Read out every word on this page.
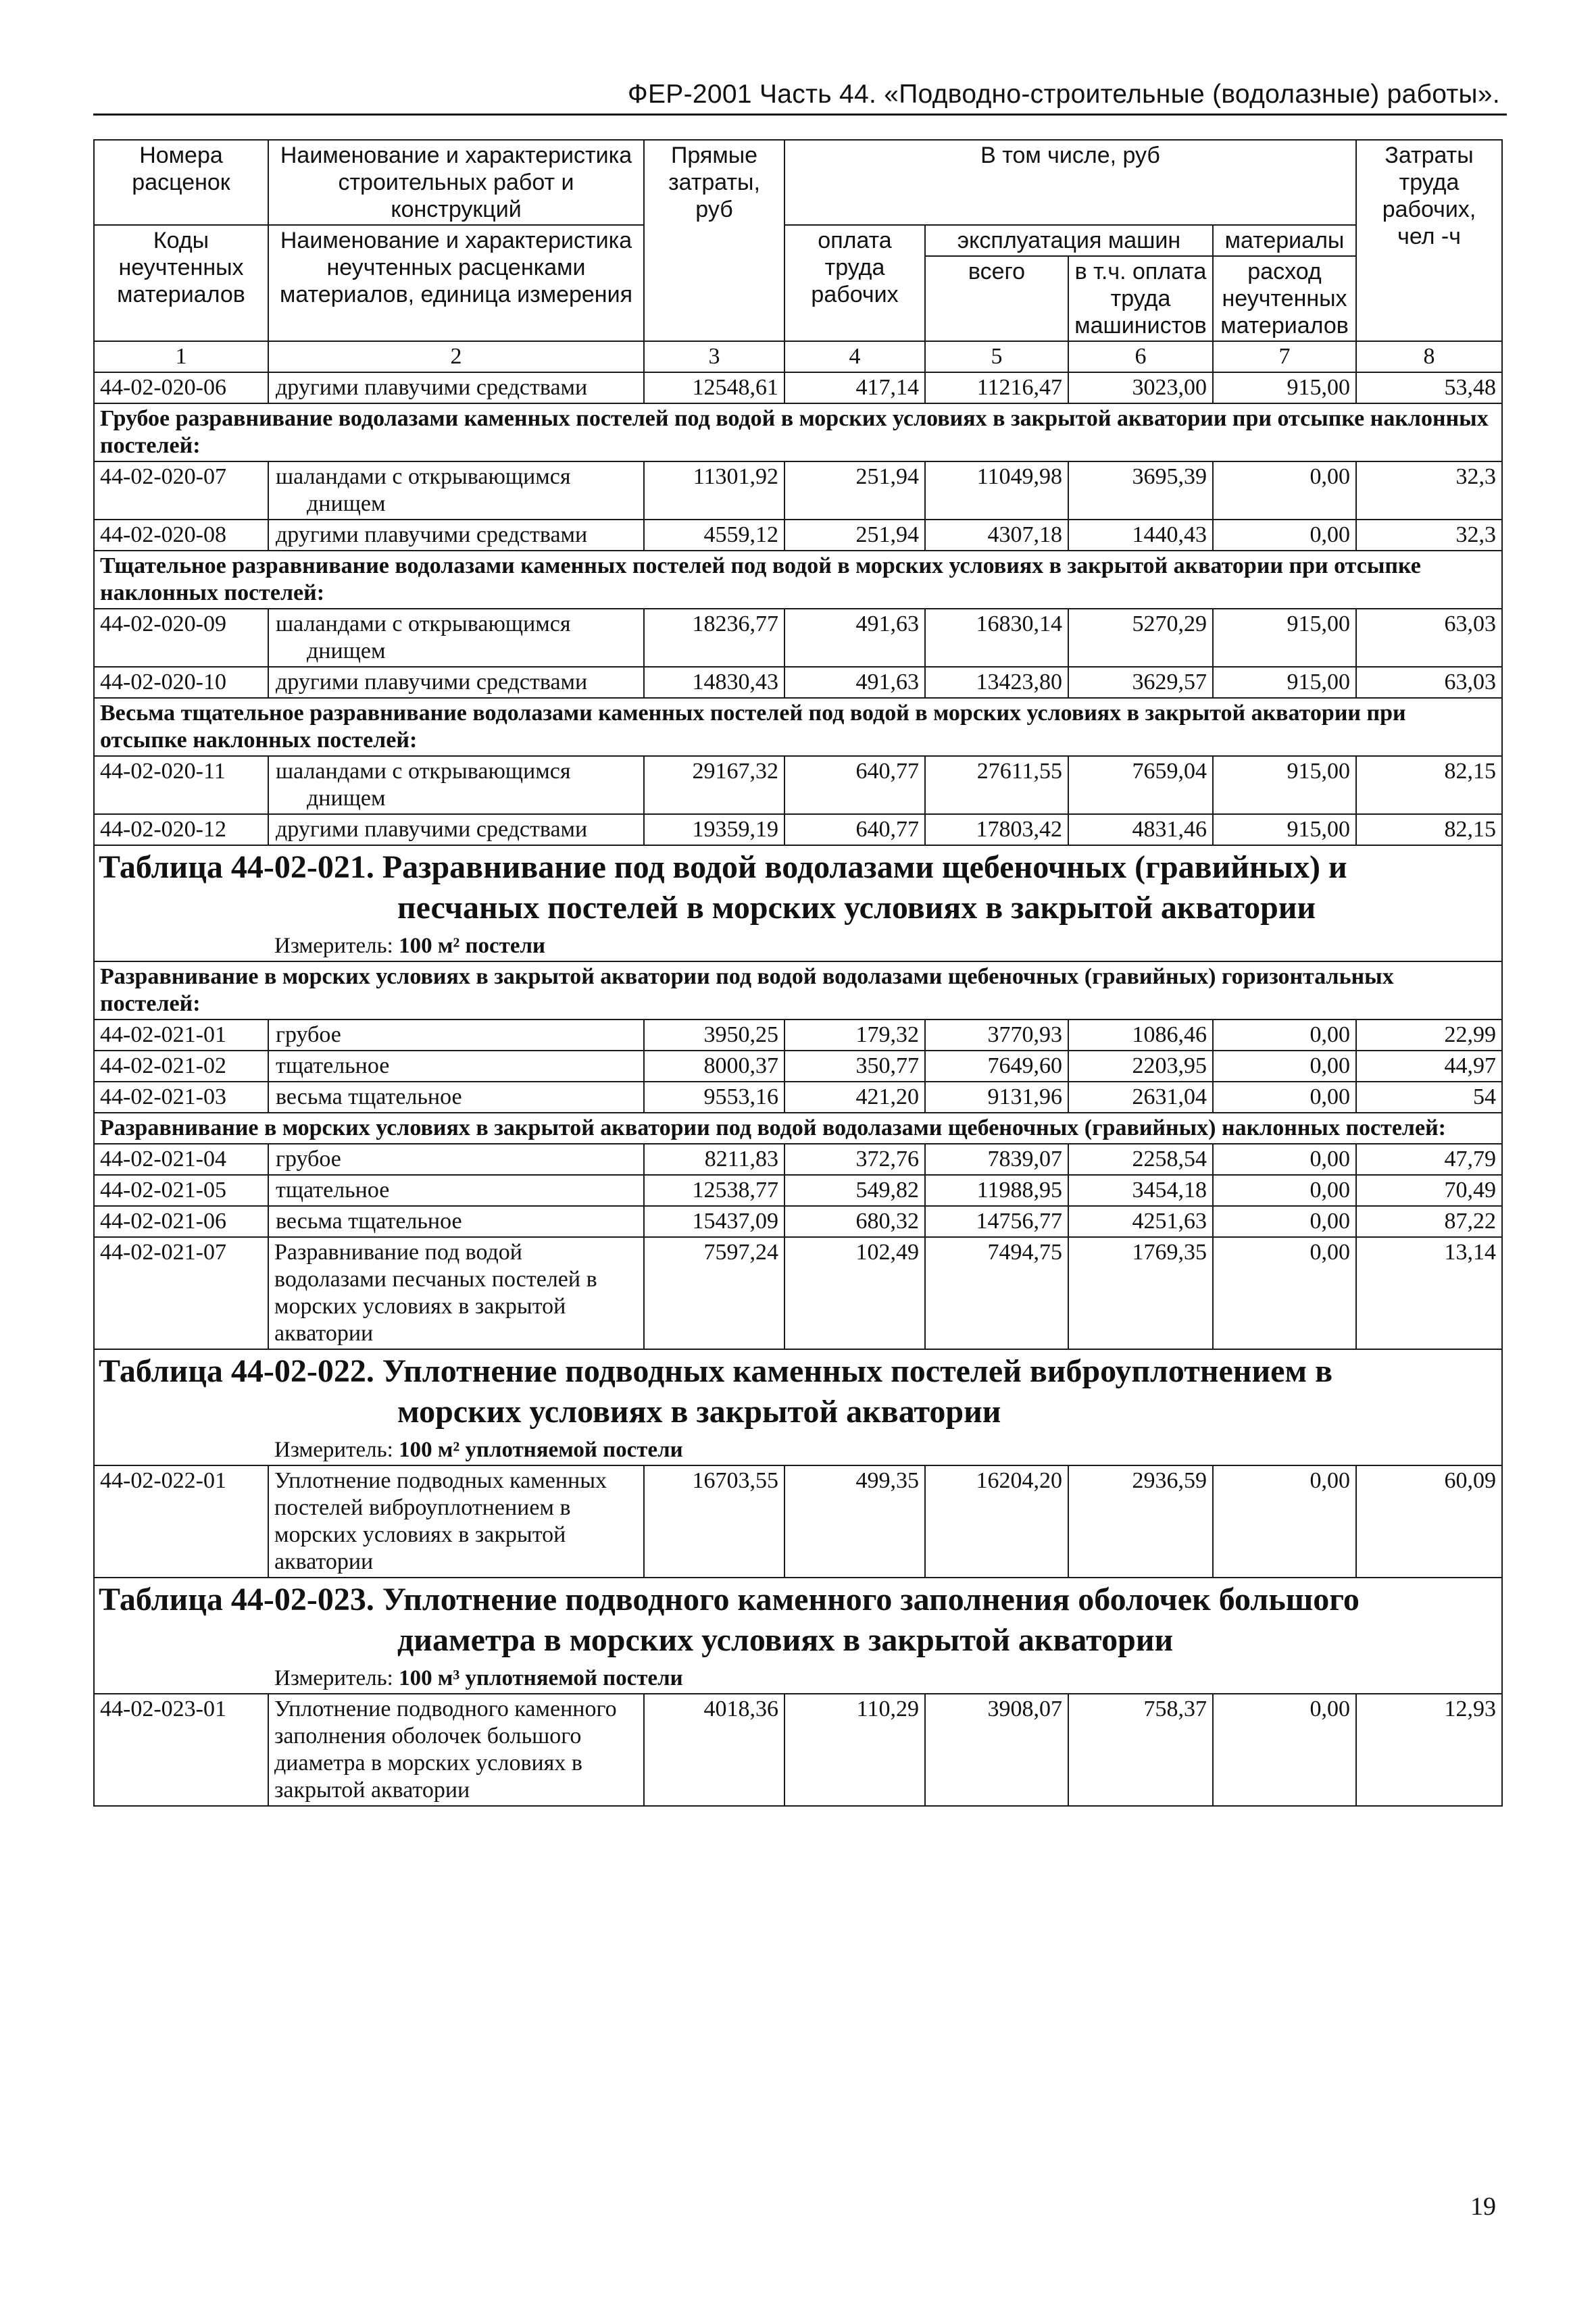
ФЕР-2001 Часть 44. «Подводно-строительные (водолазные) работы».
Номера расценок	Наименование и характеристика строительных работ и конструкций	Прямые затраты, руб	В том числе, руб				Затраты труда рабочих, чел -ч
Коды неучтенных материалов	Наименование и характеристика неучтенных расценками материалов, единица измерения		оплата труда рабочих	эксплуатация машин		материалы	
				всего	в т.ч. оплата труда машинистов	расход неучтенных материалов	
1	2	3	4	5	6	7	8
44-02-020-06	другими плавучими средствами	12548,61	417,14	11216,47	3023,00	915,00	53,48
Грубое разравнивание водолазами каменных постелей под водой в морских условиях в закрытой акватории при отсыпке наклонных постелей:							
44-02-020-07	шаландами с открывающимся днищем	11301,92	251,94	11049,98	3695,39	0,00	32,3
44-02-020-08	другими плавучими средствами	4559,12	251,94	4307,18	1440,43	0,00	32,3
Тщательное разравнивание водолазами каменных постелей под водой в морских условиях в закрытой акватории при отсыпке наклонных постелей:							
44-02-020-09	шаландами с открывающимся днищем	18236,77	491,63	16830,14	5270,29	915,00	63,03
44-02-020-10	другими плавучими средствами	14830,43	491,63	13423,80	3629,57	915,00	63,03
Весьма тщательное разравнивание водолазами каменных постелей под водой в морских условиях в закрытой акватории при отсыпке наклонных постелей:							
44-02-020-11	шаландами с открывающимся днищем	29167,32	640,77	27611,55	7659,04	915,00	82,15
44-02-020-12	другими плавучими средствами	19359,19	640,77	17803,42	4831,46	915,00	82,15

Таблица 44-02-021. Разравнивание под водой водолазами щебеночных (гравийных) и
песчаных постелей в морских условиях в закрытой акватории
Измеритель: 100 м² постели							

Разравнивание в морских условиях в закрытой акватории под водой водолазами щебеночных (гравийных) горизонтальных постелей:							
44-02-021-01	грубое	3950,25	179,32	3770,93	1086,46	0,00	22,99
44-02-021-02	тщательное	8000,37	350,77	7649,60	2203,95	0,00	44,97
44-02-021-03	весьма тщательное	9553,16	421,20	9131,96	2631,04	0,00	54
Разравнивание в морских условиях в закрытой акватории под водой водолазами щебеночных (гравийных) наклонных постелей:							
44-02-021-04	грубое	8211,83	372,76	7839,07	2258,54	0,00	47,79
44-02-021-05	тщательное	12538,77	549,82	11988,95	3454,18	0,00	70,49
44-02-021-06	весьма тщательное	15437,09	680,32	14756,77	4251,63	0,00	87,22
44-02-021-07	Разравнивание под водой водолазами песчаных постелей в морских условиях в закрытой акватории	7597,24	102,49	7494,75	1769,35	0,00	13,14

Таблица 44-02-022. Уплотнение подводных каменных постелей виброуплотнением в
морских условиях в закрытой акватории
Измеритель: 100 м² уплотняемой постели							

44-02-022-01	Уплотнение подводных каменных постелей виброуплотнением в морских условиях в закрытой акватории	16703,55	499,35	16204,20	2936,59	0,00	60,09

Таблица 44-02-023. Уплотнение подводного каменного заполнения оболочек большого
диаметра в морских условиях в закрытой акватории
Измеритель: 100 м³ уплотняемой постели							

44-02-023-01	Уплотнение подводного каменного заполнения оболочек большого диаметра в морских условиях в закрытой акватории	4018,36	110,29	3908,07	758,37	0,00	12,93
19
